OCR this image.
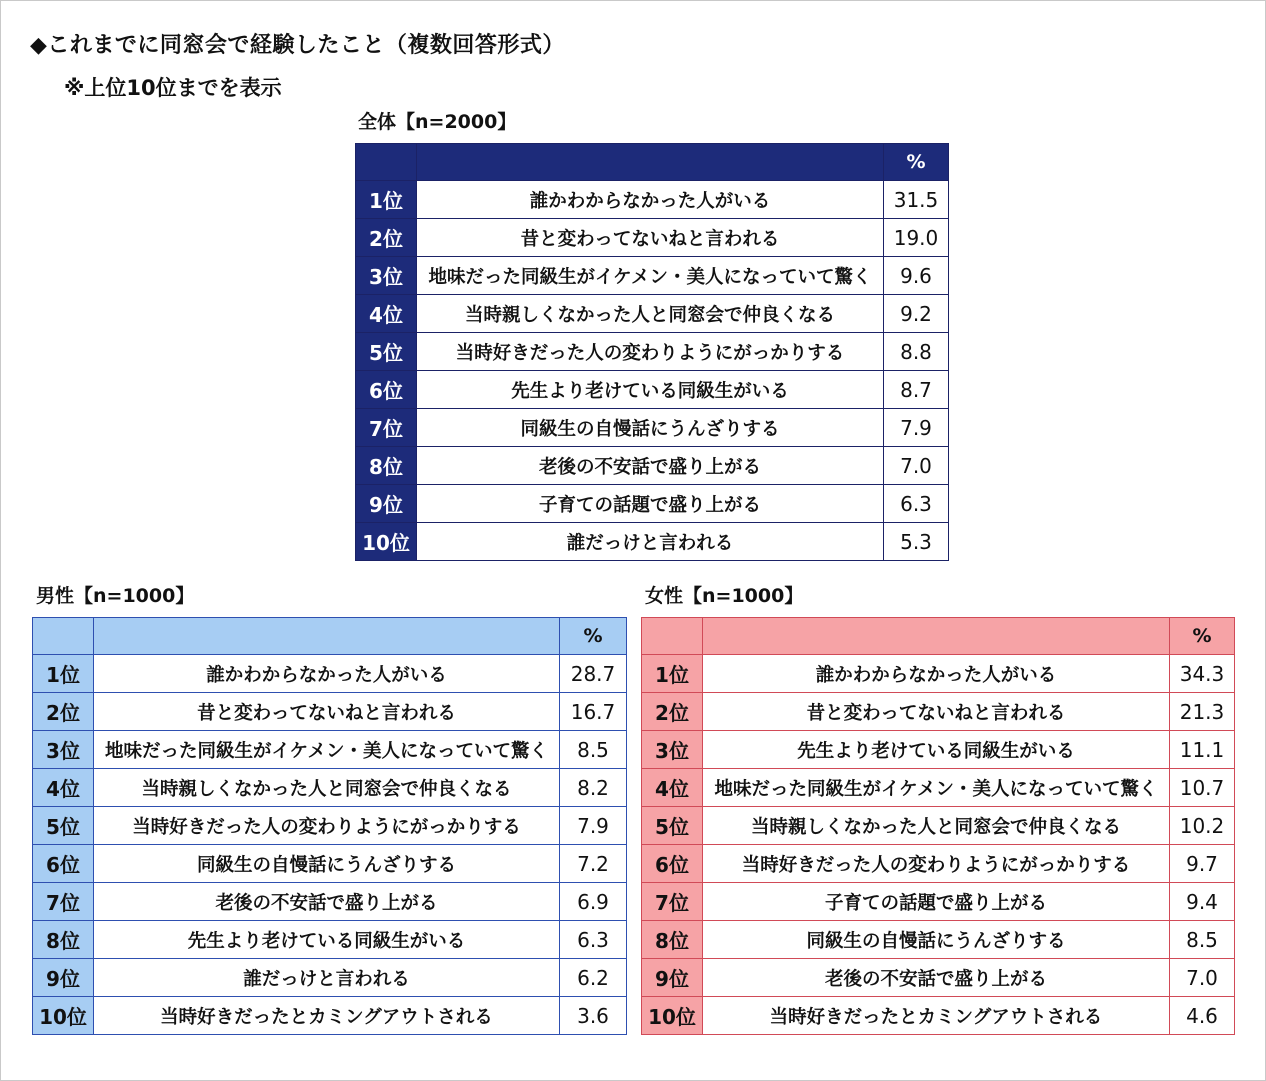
◆これまでに同窓会で経験したこと（複数回答形式）
※上位10位までを表示
全体【n=2000】
		%
1位	誰かわからなかった人がいる	31.5
2位	昔と変わってないねと言われる	19.0
3位	地味だった同級生がイケメン・美人になっていて驚く	9.6
4位	当時親しくなかった人と同窓会で仲良くなる	9.2
5位	当時好きだった人の変わりようにがっかりする	8.8
6位	先生より老けている同級生がいる	8.7
7位	同級生の自慢話にうんざりする	7.9
8位	老後の不安話で盛り上がる	7.0
9位	子育ての話題で盛り上がる	6.3
10位	誰だっけと言われる	5.3
男性【n=1000】
		%
1位	誰かわからなかった人がいる	28.7
2位	昔と変わってないねと言われる	16.7
3位	地味だった同級生がイケメン・美人になっていて驚く	8.5
4位	当時親しくなかった人と同窓会で仲良くなる	8.2
5位	当時好きだった人の変わりようにがっかりする	7.9
6位	同級生の自慢話にうんざりする	7.2
7位	老後の不安話で盛り上がる	6.9
8位	先生より老けている同級生がいる	6.3
9位	誰だっけと言われる	6.2
10位	当時好きだったとカミングアウトされる	3.6
女性【n=1000】
		%
1位	誰かわからなかった人がいる	34.3
2位	昔と変わってないねと言われる	21.3
3位	先生より老けている同級生がいる	11.1
4位	地味だった同級生がイケメン・美人になっていて驚く	10.7
5位	当時親しくなかった人と同窓会で仲良くなる	10.2
6位	当時好きだった人の変わりようにがっかりする	9.7
7位	子育ての話題で盛り上がる	9.4
8位	同級生の自慢話にうんざりする	8.5
9位	老後の不安話で盛り上がる	7.0
10位	当時好きだったとカミングアウトされる	4.6
